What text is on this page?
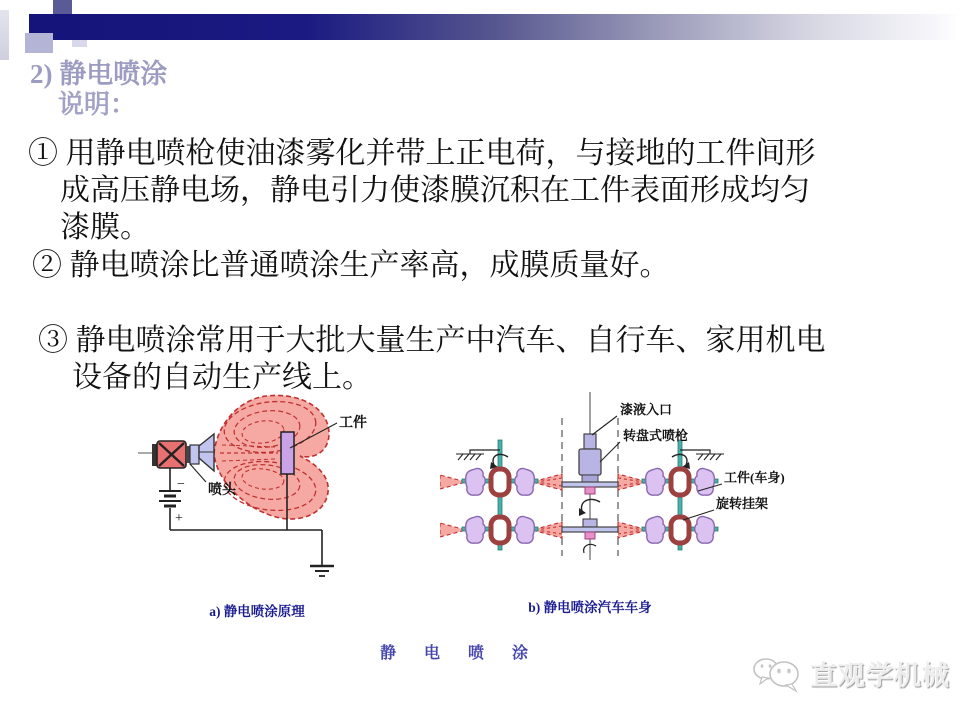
2) 静电喷涂
说明：
① 用静电喷枪使油漆雾化并带上正电荷，与接地的工件间形
成高压静电场，静电引力使漆膜沉积在工件表面形成均匀
漆膜。
② 静电喷涂比普通喷涂生产率高，成膜质量好。
③ 静电喷涂常用于大批大量生产中汽车、自行车、家用机电
设备的自动生产线上。
−
+
喷头
工件
a) 静电喷涂原理
漆液入口
转盘式喷枪
工件(车身)
旋转挂架
b) 静电喷涂汽车车身
静 电 喷 涂
直观学机械
